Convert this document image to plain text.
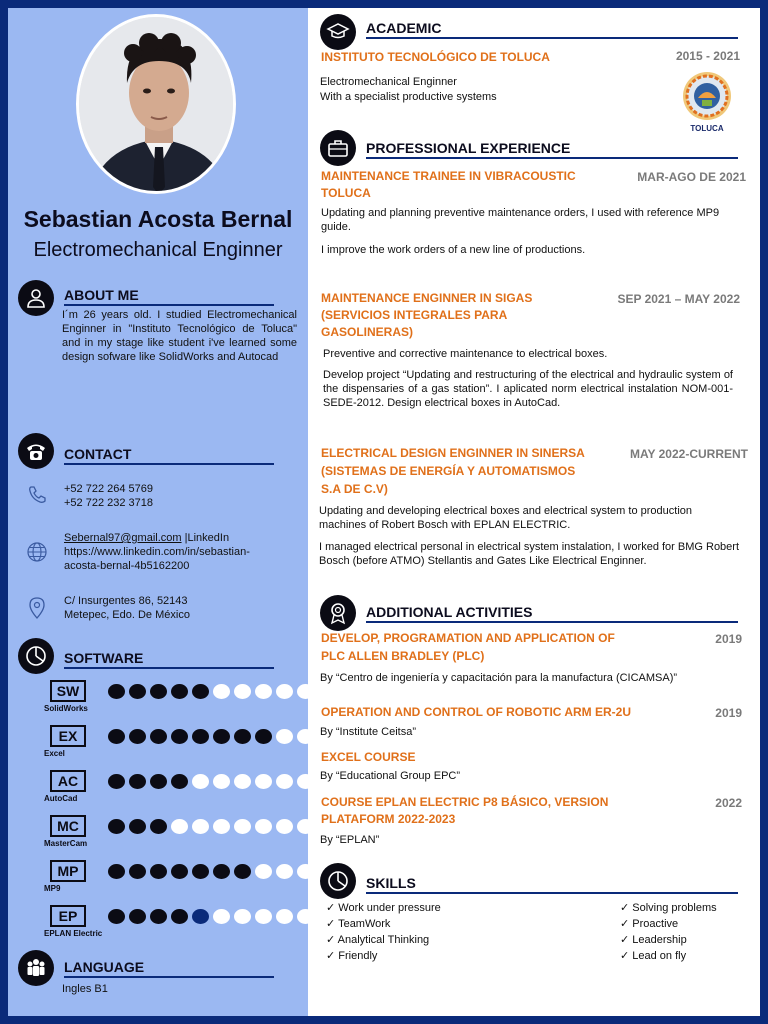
Sebastian Acosta Bernal
Electromechanical Enginner
ABOUT ME
I´m 26 years old. I studied Electromechanical Enginner in "Instituto Tecnológico de Toluca" and in my stage like student i've learned some design sofware like SolidWorks and Autocad
CONTACT
+52 722 264 5769
+52 722 232 3718
Sebernal97@gmail.com |LinkedIn
https://www.linkedin.com/in/sebastian-
acosta-bernal-4b5162200
C/ Insurgentes 86, 52143
Metepec, Edo. De México
SOFTWARE
SW
SolidWorks
EX
Excel
AC
AutoCad
MC
MasterCam
MP
MP9
EP
EPLAN Electric
LANGUAGE
Ingles B1
ACADEMIC
INSTITUTO TECNOLÓGICO DE TOLUCA	2015 - 2021
Electromechanical Enginner
With a specialist productive systems
TOLUCA
PROFESSIONAL EXPERIENCE
MAINTENANCE TRAINEE IN VIBRACOUSTIC
TOLUCA
MAR-AGO DE 2021
Updating and planning preventive maintenance orders, I used with reference MP9 guide.
I improve the work orders of a new line of productions.
MAINTENANCE ENGINNER IN SIGAS
(SERVICIOS INTEGRALES PARA
GASOLINERAS)
SEP 2021 – MAY 2022
Preventive and corrective maintenance to electrical boxes.
Develop project “Updating and restructuring of the electrical and hydraulic system of the dispensaries of a gas station”. I aplicated norm electrical instalation NOM-001-SEDE-2012. Design electrical boxes in AutoCad.
ELECTRICAL DESIGN ENGINNER IN SINERSA
(SISTEMAS DE ENERGÍA Y AUTOMATISMOS
S.A DE C.V)
MAY 2022-CURRENT
Updating and developing electrical boxes and electrical system to production machines of Robert Bosch with EPLAN ELECTRIC.
I managed electrical personal in electrical system instalation, I worked for BMG Robert Bosch (before ATMO) Stellantis and Gates Like Electrical Enginner.
ADDITIONAL ACTIVITIES
DEVELOP, PROGRAMATION AND APPLICATION OF
PLC ALLEN BRADLEY (PLC)
2019
By “Centro de ingeniería y capacitación para la manufactura (CICAMSA)”
OPERATION AND CONTROL OF ROBOTIC ARM ER-2U	2019
By “Institute Ceitsa”
EXCEL COURSE
By “Educational Group EPC”
COURSE EPLAN ELECTRIC P8 BÁSICO, VERSION
PLATAFORM 2022-2023
2022
By “EPLAN”
SKILLS
✓ Work under pressure
✓ TeamWork
✓ Analytical Thinking
✓ Friendly
✓ Solving problems
✓ Proactive
✓ Leadership
✓ Lead on fly
